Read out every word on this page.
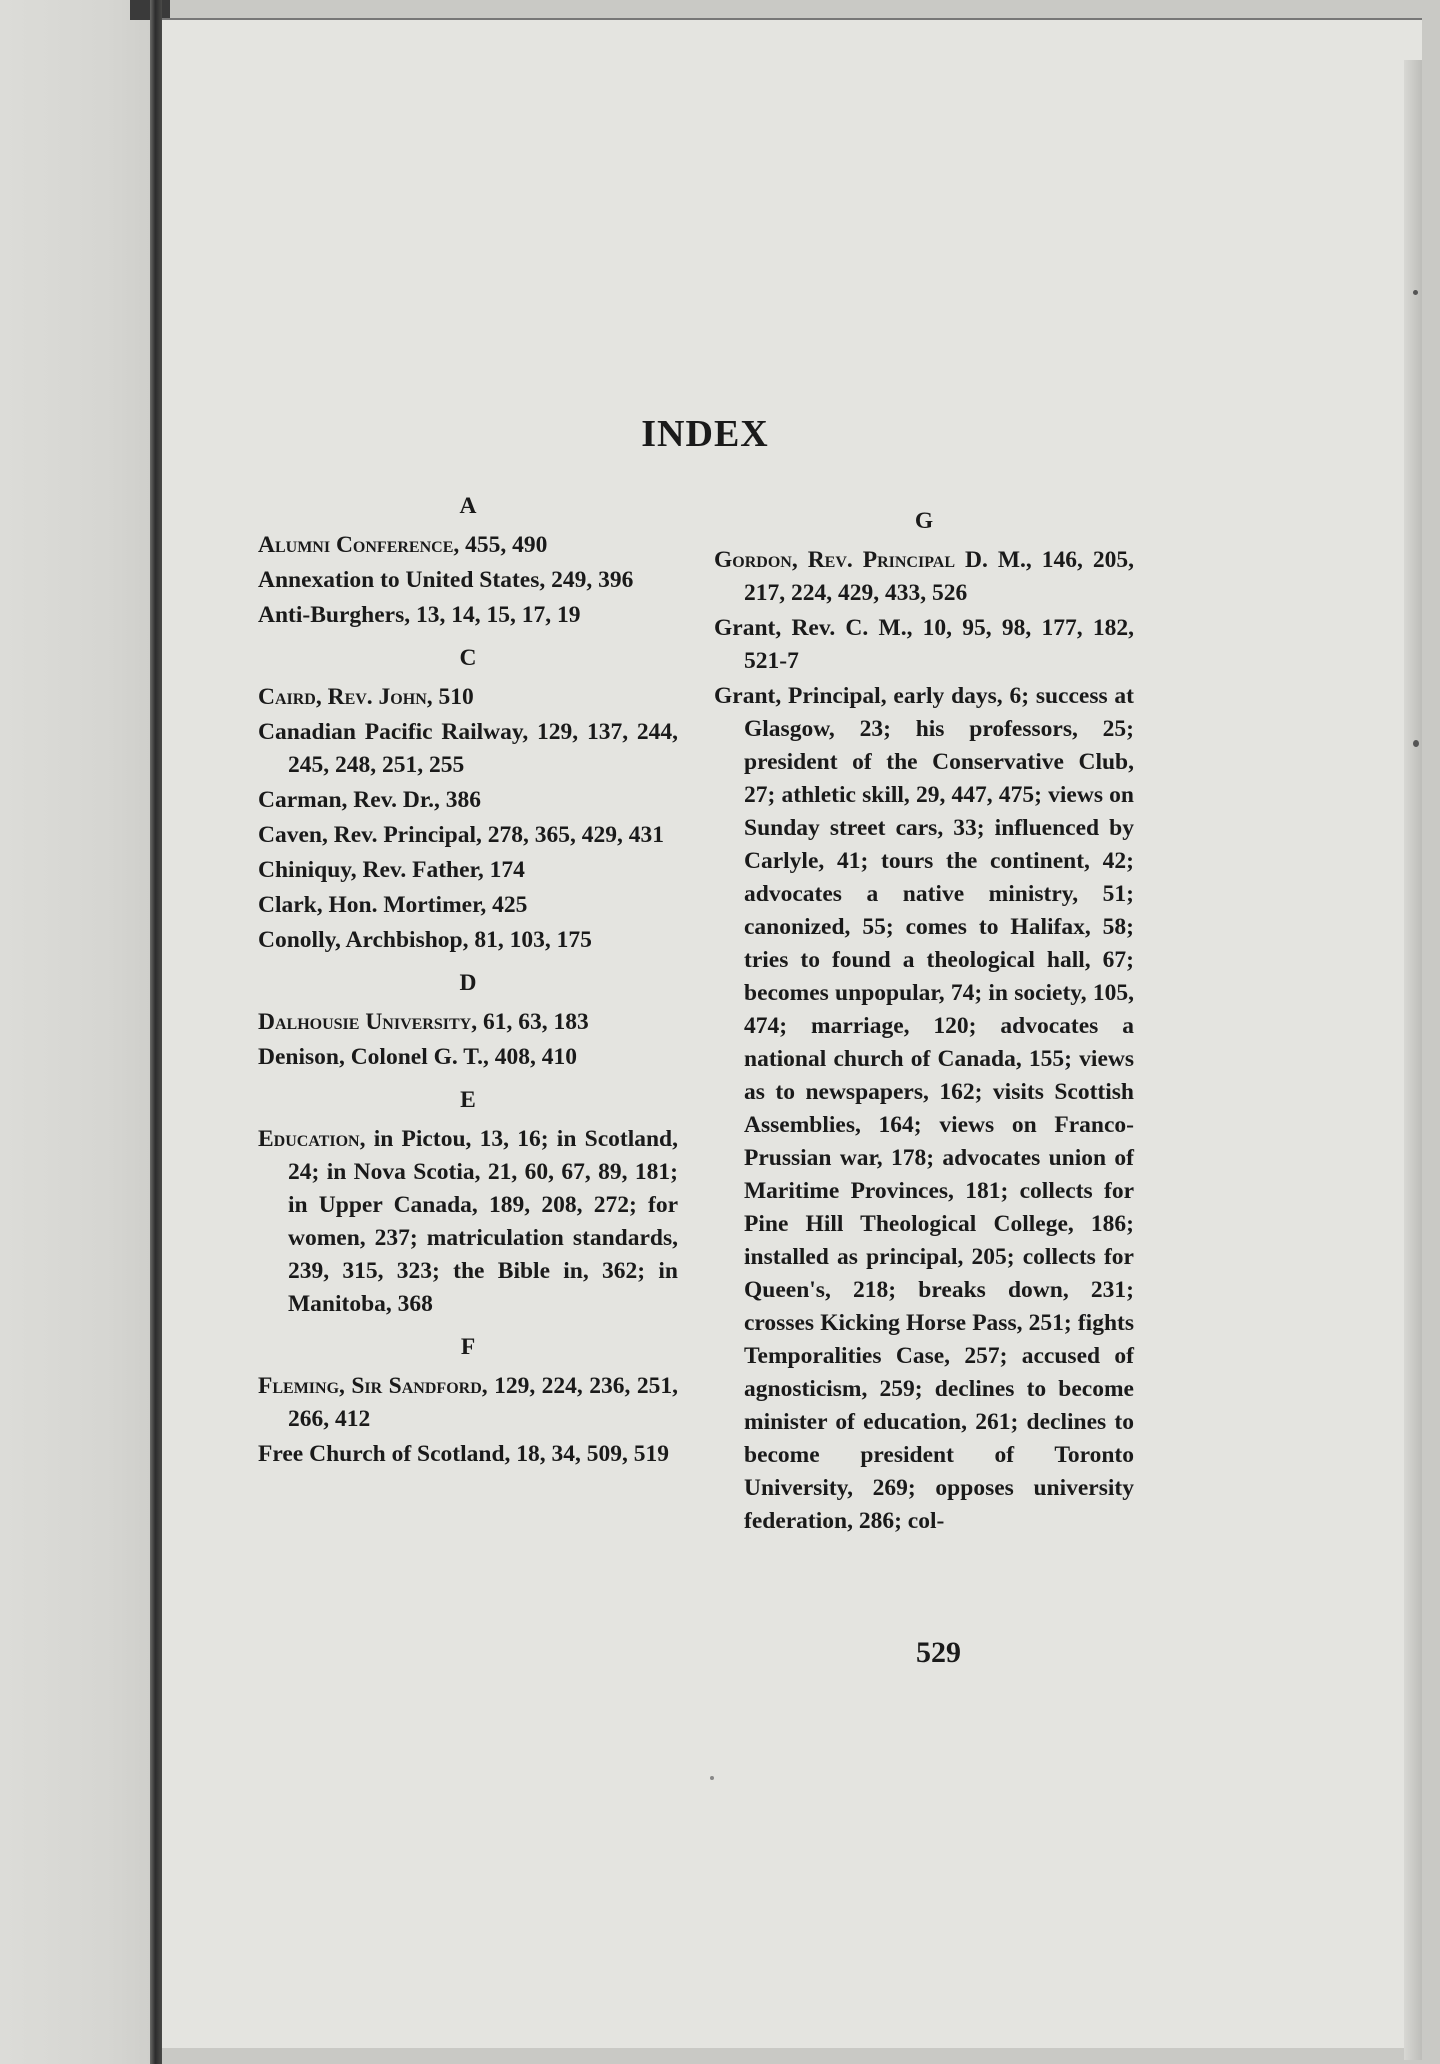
INDEX

A

Alumni Conference, 455, 490

Annexation to United States, 249, 396

Anti-Burghers, 13, 14, 15, 17, 19

C

Caird, Rev. John, 510

Canadian Pacific Railway, 129, 137, 244, 245, 248, 251, 255

Carman, Rev. Dr., 386

Caven, Rev. Principal, 278, 365, 429, 431

Chiniquy, Rev. Father, 174

Clark, Hon. Mortimer, 425

Conolly, Archbishop, 81, 103, 175

D

Dalhousie University, 61, 63, 183

Denison, Colonel G. T., 408, 410

E

Education, in Pictou, 13, 16; in Scotland, 24; in Nova Scotia, 21, 60, 67, 89, 181; in Upper Canada, 189, 208, 272; for women, 237; matriculation standards, 239, 315, 323; the Bible in, 362; in Manitoba, 368

F

Fleming, Sir Sandford, 129, 224, 236, 251, 266, 412

Free Church of Scotland, 18, 34, 509, 519

G

Gordon, Rev. Principal D. M., 146, 205, 217, 224, 429, 433, 526

Grant, Rev. C. M., 10, 95, 98, 177, 182, 521-7

Grant, Principal, early days, 6; success at Glasgow, 23; his professors, 25; president of the Conservative Club, 27; athletic skill, 29, 447, 475; views on Sunday street cars, 33; influenced by Carlyle, 41; tours the continent, 42; advocates a native ministry, 51; canonized, 55; comes to Halifax, 58; tries to found a theological hall, 67; becomes unpopular, 74; in society, 105, 474; marriage, 120; advocates a national church of Canada, 155; views as to newspapers, 162; visits Scottish Assemblies, 164; views on Franco-Prussian war, 178; advocates union of Maritime Provinces, 181; collects for Pine Hill Theological College, 186; installed as principal, 205; collects for Queen's, 218; breaks down, 231; crosses Kicking Horse Pass, 251; fights Temporalities Case, 257; accused of agnosticism, 259; declines to become minister of education, 261; declines to become president of Toronto University, 269; opposes university federation, 286; col-

529
